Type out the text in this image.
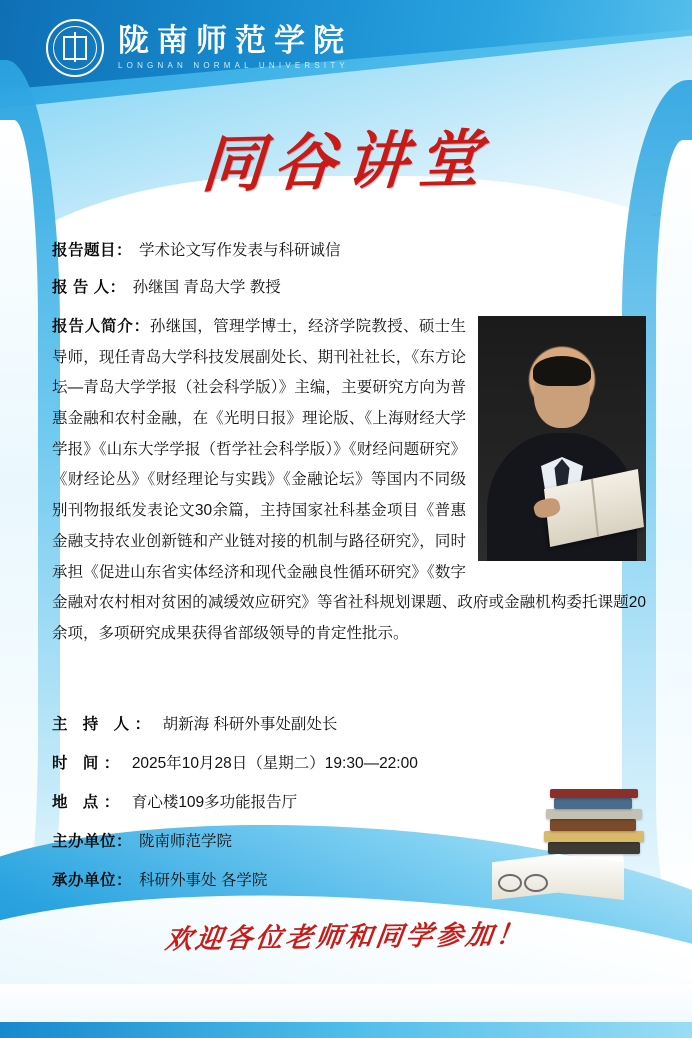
陇南师范学院
LONGNAN NORMAL UNIVERSITY
同谷讲堂
报告题目： 学术论文写作发表与科研诚信
报 告 人： 孙继国 青岛大学 教授
报告人简介：孙继国，管理学博士，经济学院教授、硕士生导师，现任青岛大学科技发展副处长、期刊社社长，《东方论坛—青岛大学学报（社会科学版）》主编，主要研究方向为普惠金融和农村金融，在《光明日报》理论版、《上海财经大学学报》《山东大学学报（哲学社会科学版）》《财经问题研究》《财经论丛》《财经理论与实践》《金融论坛》等国内不同级别刊物报纸发表论文30余篇，主持国家社科基金项目《普惠金融支持农业创新链和产业链对接的机制与路径研究》，同时承担《促进山东省实体经济和现代金融良性循环研究》《数字金融对农村相对贫困的减缓效应研究》等省社科规划课题、政府或金融机构委托课题20余项，多项研究成果获得省部级领导的肯定性批示。
主 持 人： 胡新海 科研外事处副处长
时 间： 2025年10月28日（星期二）19:30—22:00
地 点： 育心楼109多功能报告厅
主办单位： 陇南师范学院
承办单位： 科研外事处 各学院
欢迎各位老师和同学参加！
